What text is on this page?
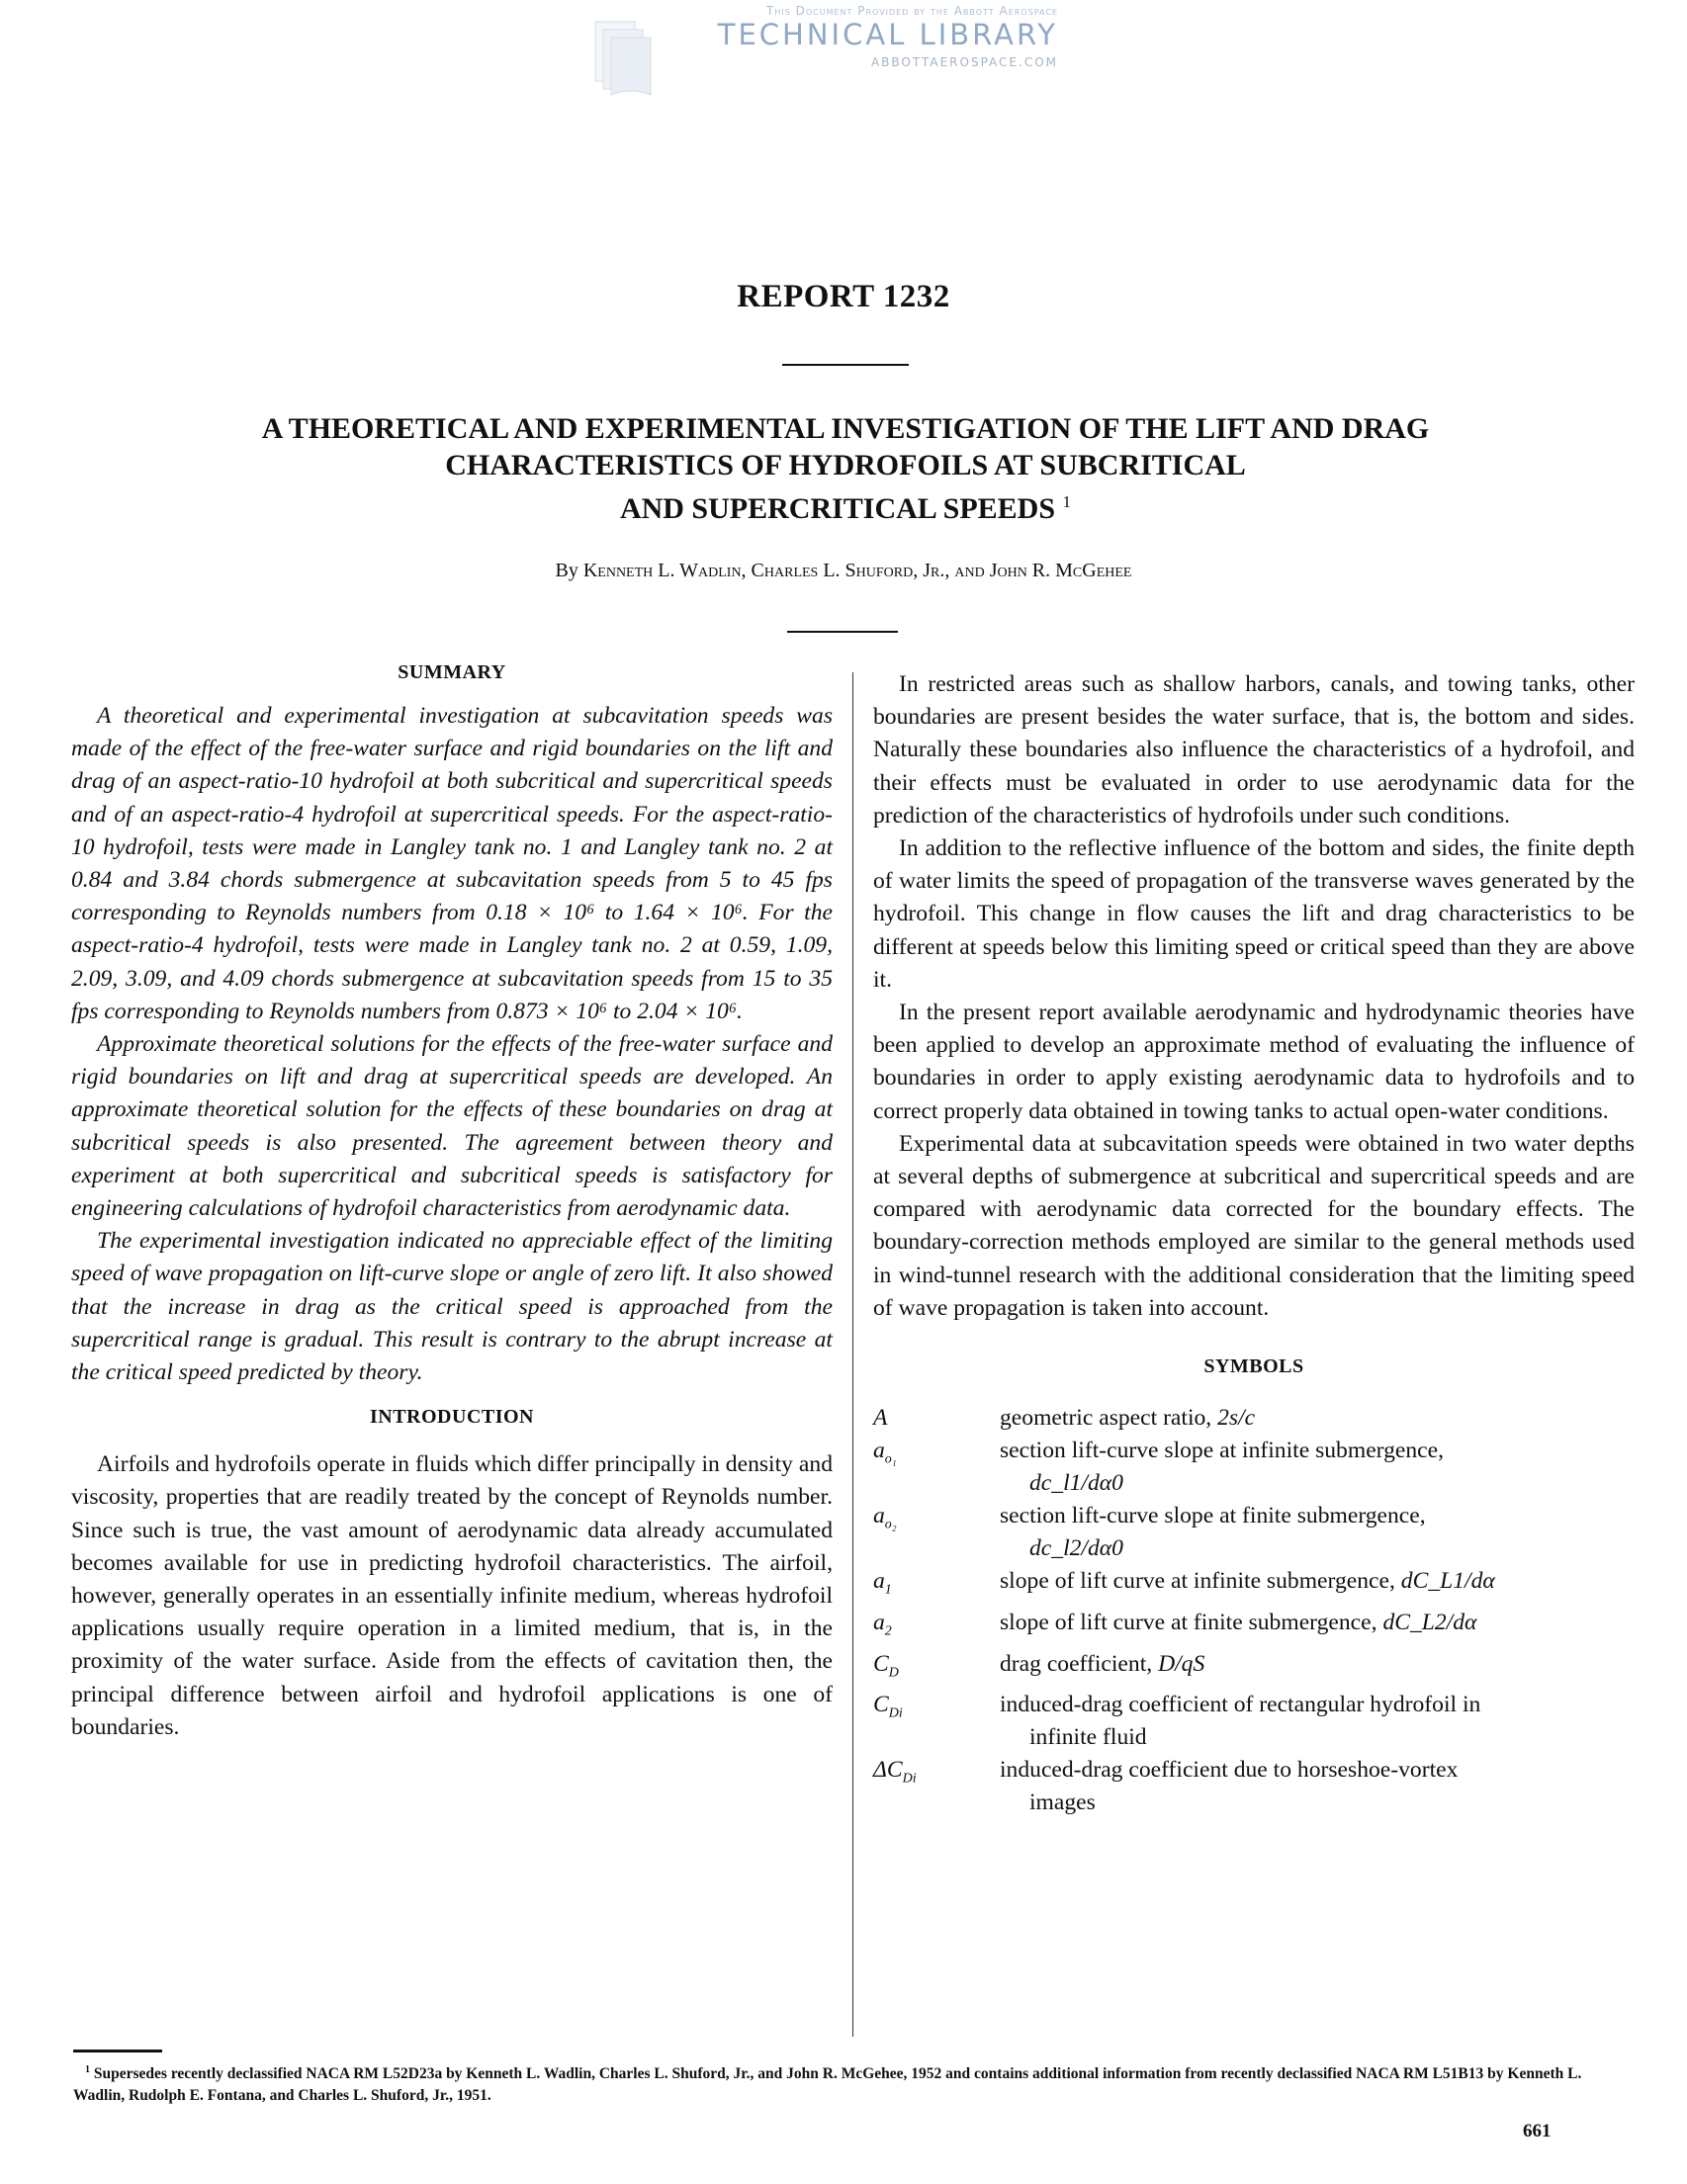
This Document Provided by the Abbott Aerospace
TECHNICAL LIBRARY
ABBOTTAEROSPACE.COM
REPORT 1232
A THEORETICAL AND EXPERIMENTAL INVESTIGATION OF THE LIFT AND DRAG
CHARACTERISTICS OF HYDROFOILS AT SUBCRITICAL
AND SUPERCRITICAL SPEEDS $^1$
By Kenneth L. Wadlin, Charles L. Shuford, Jr., and John R. McGehee
SUMMARY

A theoretical and experimental investigation at subcavitation speeds was made of the effect of the free-water surface and rigid boundaries on the lift and drag of an aspect-ratio-10 hydrofoil at both subcritical and supercritical speeds and of an aspect-ratio-4 hydrofoil at supercritical speeds. For the aspect-ratio-10 hydrofoil, tests were made in Langley tank no. 1 and Langley tank no. 2 at 0.84 and 3.84 chords submergence at subcavitation speeds from 5 to 45 fps corresponding to Reynolds numbers from 0.18 × 10⁶ to 1.64 × 10⁶. For the aspect-ratio-4 hydrofoil, tests were made in Langley tank no. 2 at 0.59, 1.09, 2.09, 3.09, and 4.09 chords submergence at subcavitation speeds from 15 to 35 fps corresponding to Reynolds numbers from 0.873 × 10⁶ to 2.04 × 10⁶.

Approximate theoretical solutions for the effects of the free-water surface and rigid boundaries on lift and drag at supercritical speeds are developed. An approximate theoretical solution for the effects of these boundaries on drag at subcritical speeds is also presented. The agreement between theory and experiment at both supercritical and subcritical speeds is satisfactory for engineering calculations of hydrofoil characteristics from aerodynamic data.

The experimental investigation indicated no appreciable effect of the limiting speed of wave propagation on lift-curve slope or angle of zero lift. It also showed that the increase in drag as the critical speed is approached from the supercritical range is gradual. This result is contrary to the abrupt increase at the critical speed predicted by theory.

INTRODUCTION

Airfoils and hydrofoils operate in fluids which differ principally in density and viscosity, properties that are readily treated by the concept of Reynolds number. Since such is true, the vast amount of aerodynamic data already accumulated becomes available for use in predicting hydrofoil characteristics. The airfoil, however, generally operates in an essentially infinite medium, whereas hydrofoil applications usually require operation in a limited medium, that is, in the proximity of the water surface. Aside from the effects of cavitation then, the principal difference between airfoil and hydrofoil applications is one of boundaries.

In restricted areas such as shallow harbors, canals, and towing tanks, other boundaries are present besides the water surface, that is, the bottom and sides. Naturally these boundaries also influence the characteristics of a hydrofoil, and their effects must be evaluated in order to use aerodynamic data for the prediction of the characteristics of hydrofoils under such conditions.

In addition to the reflective influence of the bottom and sides, the finite depth of water limits the speed of propagation of the transverse waves generated by the hydrofoil. This change in flow causes the lift and drag characteristics to be different at speeds below this limiting speed or critical speed than they are above it.

In the present report available aerodynamic and hydrodynamic theories have been applied to develop an approximate method of evaluating the influence of boundaries in order to apply existing aerodynamic data to hydrofoils and to correct properly data obtained in towing tanks to actual open-water conditions.

Experimental data at subcavitation speeds were obtained in two water depths at several depths of submergence at subcritical and supercritical speeds and are compared with aerodynamic data corrected for the boundary effects. The boundary-correction methods employed are similar to the general methods used in wind-tunnel research with the additional consideration that the limiting speed of wave propagation is taken into account.

SYMBOLS
A	geometric aspect ratio, 2s/c
$a_{o_1}$	section lift-curve slope at infinite submergence,
dc_l1/dα0
$a_{o_2}$	section lift-curve slope at finite submergence,
dc_l2/dα0
$a_1$	slope of lift curve at infinite submergence, dC_L1/dα
$a_2$	slope of lift curve at finite submergence, dC_L2/dα
$C_D$	drag coefficient, D/qS
$C_{Di}$	induced-drag coefficient of rectangular hydrofoil in
infinite fluid
$\Delta C_{Di}$	induced-drag coefficient due to horseshoe-vortex
images
$^1$ Supersedes recently declassified NACA RM L52D23a by Kenneth L. Wadlin, Charles L. Shuford, Jr., and John R. McGehee, 1952 and contains additional information from recently declassified NACA RM L51B13 by Kenneth L. Wadlin, Rudolph E. Fontana, and Charles L. Shuford, Jr., 1951.
661
